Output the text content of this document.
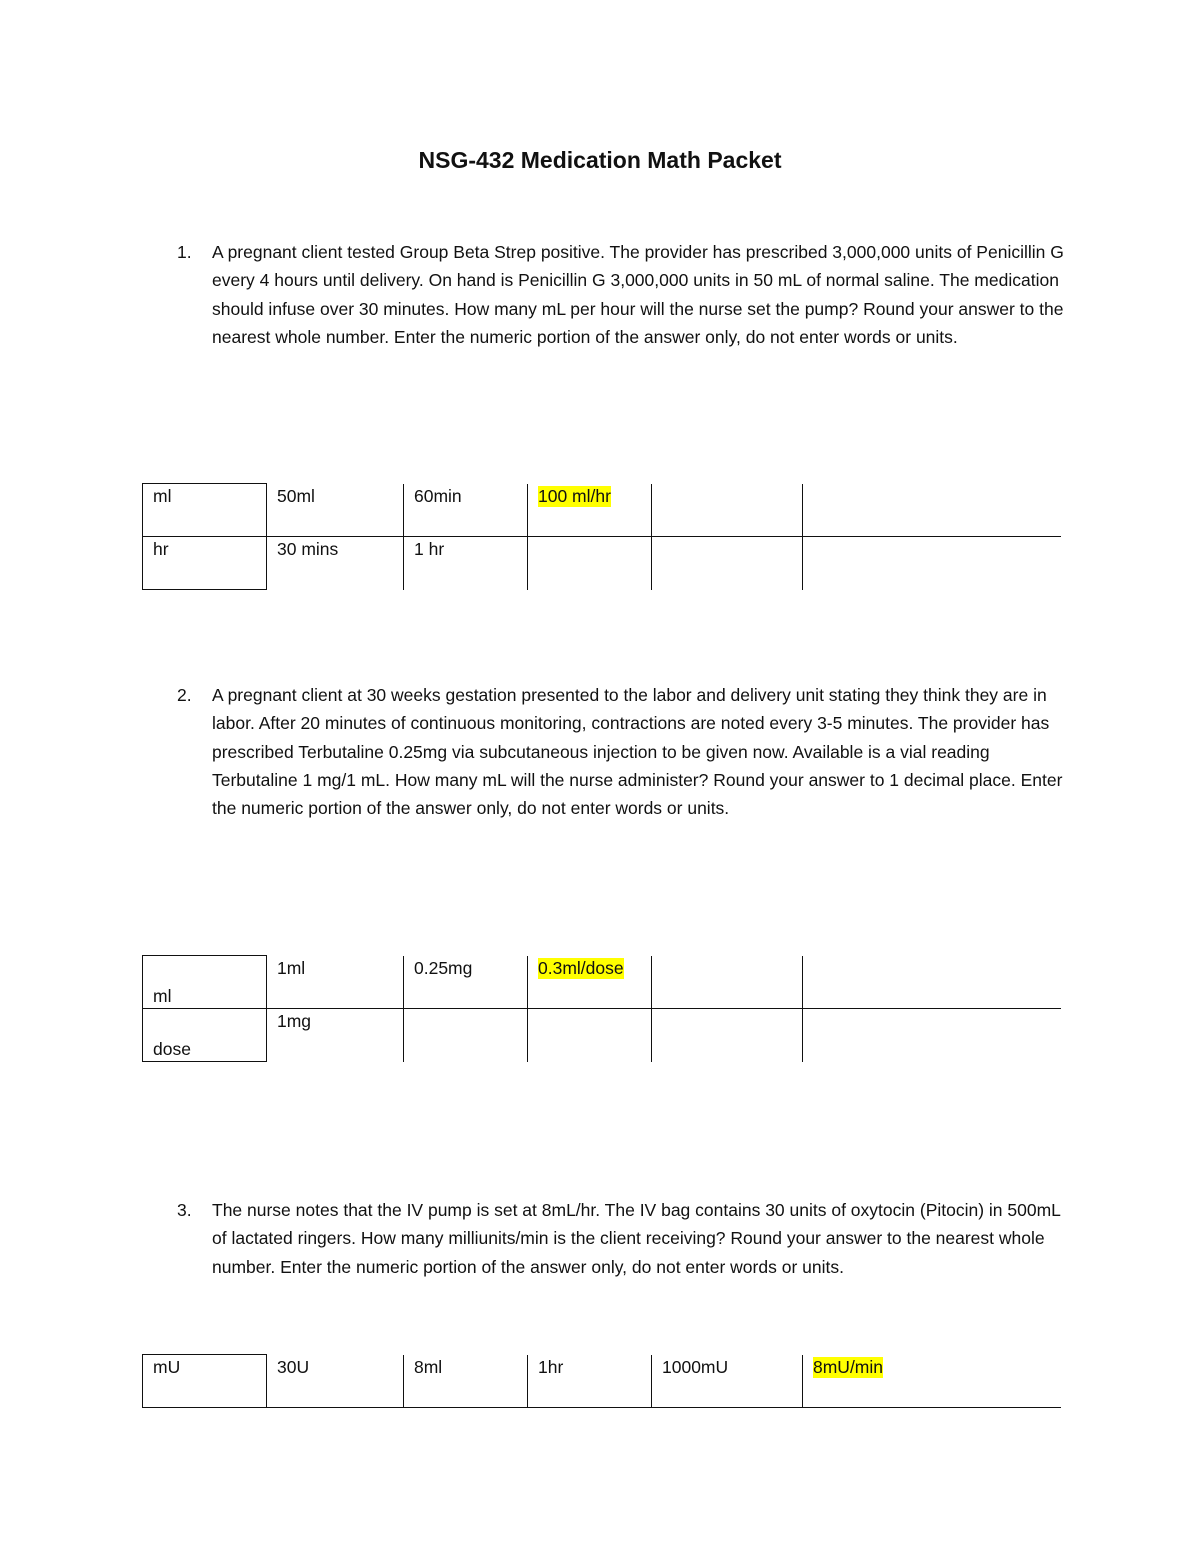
NSG-432 Medication Math Packet
1. A pregnant client tested Group Beta Strep positive. The provider has prescribed 3,000,000 units of Penicillin G every 4 hours until delivery. On hand is Penicillin G 3,000,000 units in 50 mL of normal saline. The medication should infuse over 30 minutes. How many mL per hour will the nurse set the pump? Round your answer to the nearest whole number. Enter the numeric portion of the answer only, do not enter words or units.
ml	50ml	60min	100 ml/hr		
hr	30 mins	1 hr			
2. A pregnant client at 30 weeks gestation presented to the labor and delivery unit stating they think they are in labor. After 20 minutes of continuous monitoring, contractions are noted every 3-5 minutes. The provider has prescribed Terbutaline 0.25mg via subcutaneous injection to be given now. Available is a vial reading Terbutaline 1 mg/1 mL. How many mL will the nurse administer? Round your answer to 1 decimal place. Enter the numeric portion of the answer only, do not enter words or units.
ml	1ml	0.25mg	0.3ml/dose		
dose	1mg				
3. The nurse notes that the IV pump is set at 8mL/hr. The IV bag contains 30 units of oxytocin (Pitocin) in 500mL of lactated ringers. How many milliunits/min is the client receiving? Round your answer to the nearest whole number. Enter the numeric portion of the answer only, do not enter words or units.
mU	30U	8ml	1hr	1000mU	8mU/min
